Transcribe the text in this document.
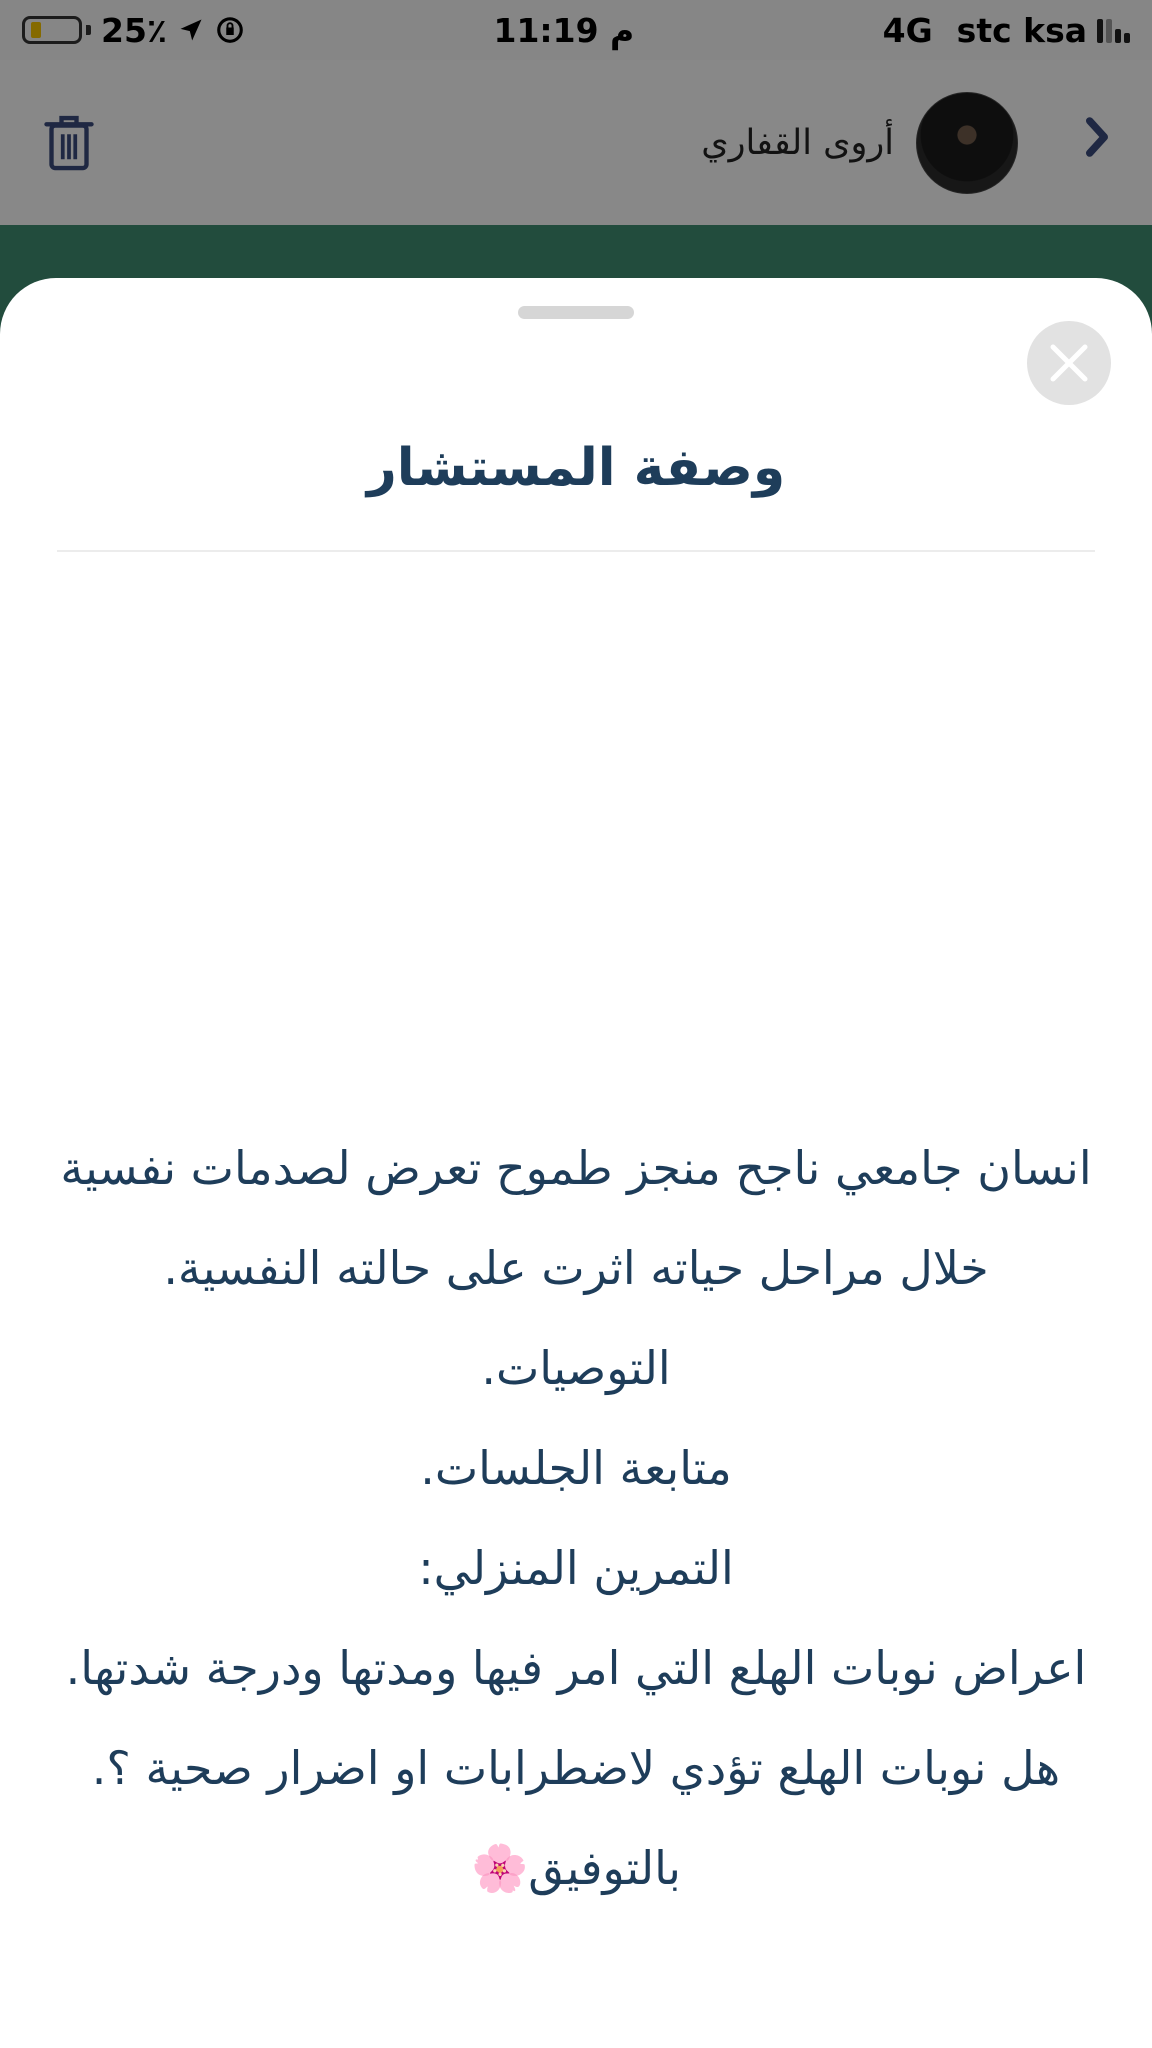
25٪	11:19 م	4G stc ksa
أروى القفاري
وصفة المستشار
انسان جامعي ناجح منجز طموح تعرض لصدمات نفسية
خلال مراحل حياته اثرت على حالته النفسية.
التوصيات.
متابعة الجلسات.
التمرين المنزلي:
اعراض نوبات الهلع التي امر فيها ومدتها ودرجة شدتها.
هل نوبات الهلع تؤدي لاضطرابات او اضرار صحية ؟.
بالتوفيق🌸
